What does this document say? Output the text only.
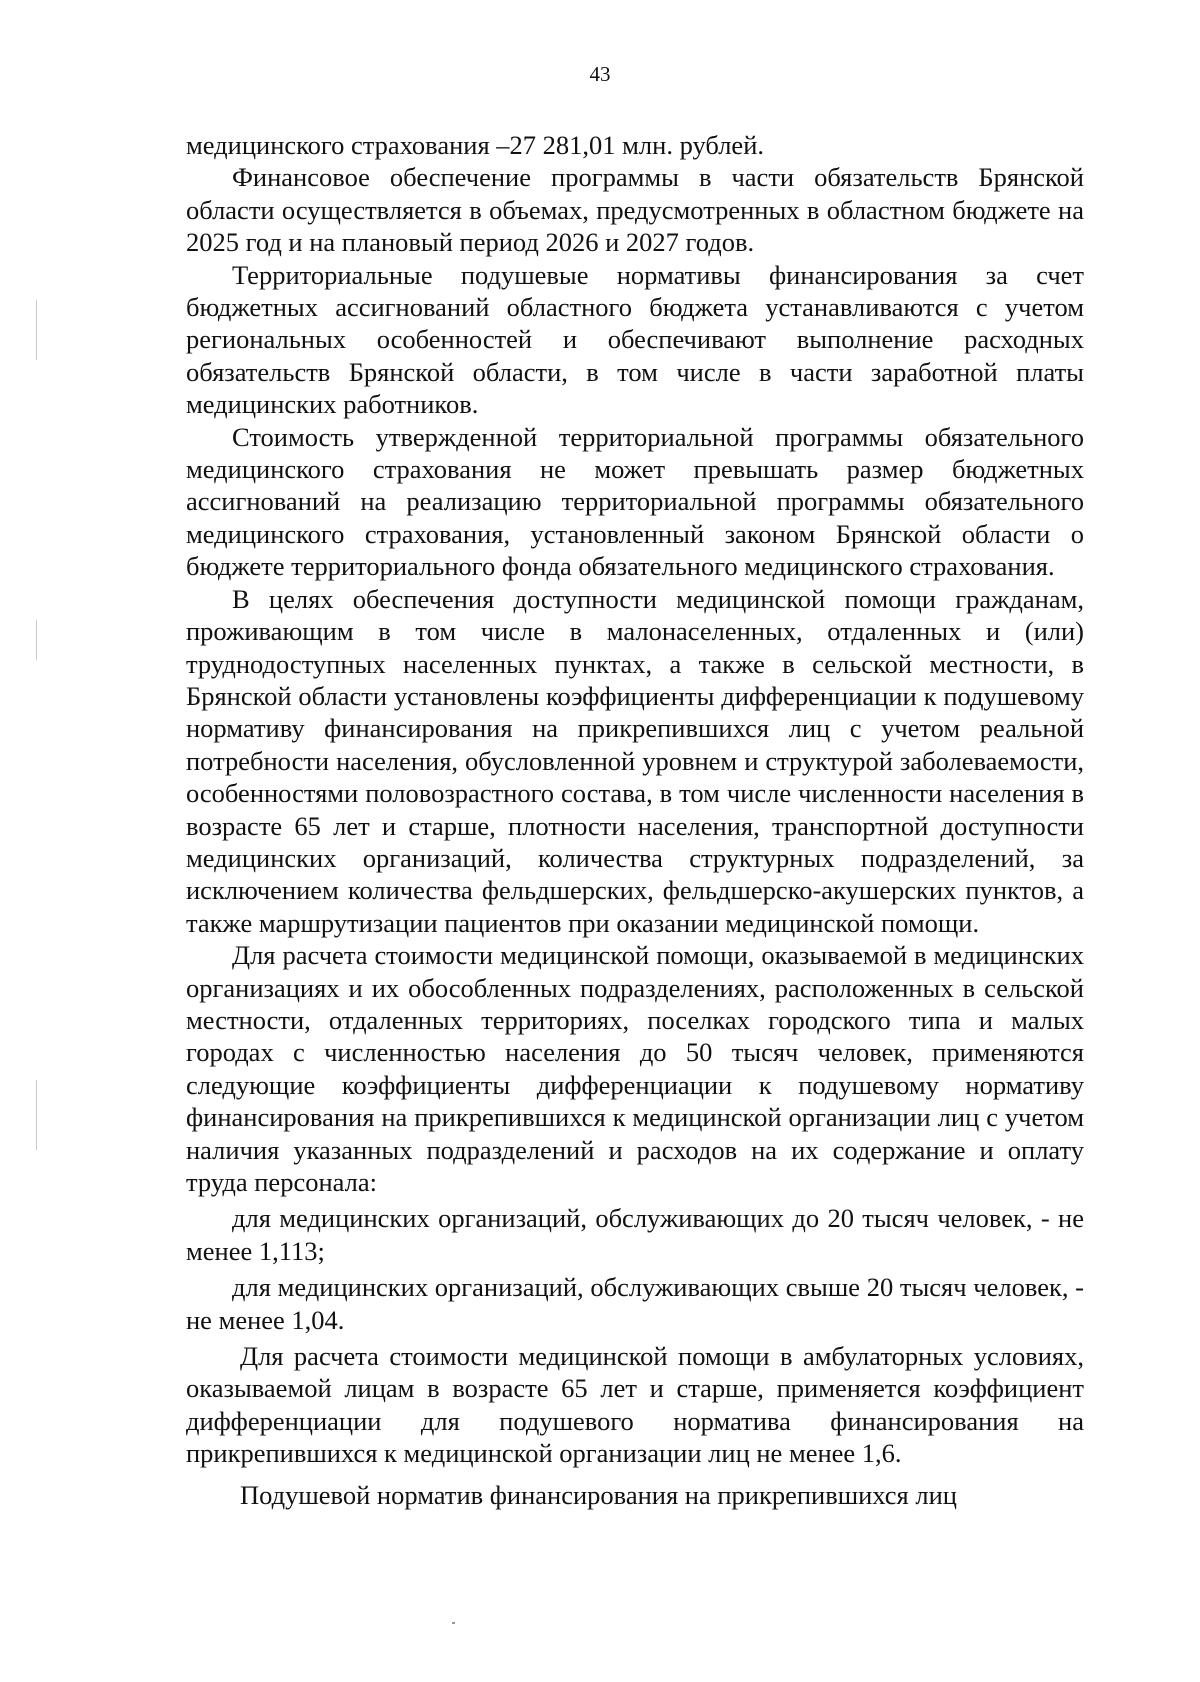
43

медицинского страхования –27 281,01 млн. рублей.

Финансовое обеспечение программы в части обязательств Брянской области осуществляется в объемах, предусмотренных в областном бюджете на 2025 год и на плановый период 2026 и 2027 годов.

Территориальные подушевые нормативы финансирования за счет бюджетных ассигнований областного бюджета устанавливаются с учетом региональных особенностей и обеспечивают выполнение расходных обязательств Брянской области, в том числе в части заработной платы медицинских работников.

Стоимость утвержденной территориальной программы обязательного медицинского страхования не может превышать размер бюджетных ассигнований на реализацию территориальной программы обязательного медицинского страхования, установленный законом Брянской области о бюджете территориального фонда обязательного медицинского страхования.

В целях обеспечения доступности медицинской помощи гражданам, проживающим в том числе в малонаселенных, отдаленных и (или) труднодоступных населенных пунктах, а также в сельской местности, в Брянской области установлены коэффициенты дифференциации к подушевому нормативу финансирования на прикрепившихся лиц с учетом реальной потребности населения, обусловленной уровнем и структурой заболеваемости, особенностями половозрастного состава, в том числе численности населения в возрасте 65 лет и старше, плотности населения, транспортной доступности медицинских организаций, количества структурных подразделений, за исключением количества фельдшерских, фельдшерско-акушерских пунктов, а также маршрутизации пациентов при оказании медицинской помощи.

Для расчета стоимости медицинской помощи, оказываемой в медицинских организациях и их обособленных подразделениях, расположенных в сельской местности, отдаленных территориях, поселках городского типа и малых городах с численностью населения до 50 тысяч человек, применяются следующие коэффициенты дифференциации к подушевому нормативу финансирования на прикрепившихся к медицинской организации лиц с учетом наличия указанных подразделений и расходов на их содержание и оплату труда персонала:

для медицинских организаций, обслуживающих до 20 тысяч человек, - не менее 1,113;

для медицинских организаций, обслуживающих свыше 20 тысяч человек, - не менее 1,04.

Для расчета стоимости медицинской помощи в амбулаторных условиях, оказываемой лицам в возрасте 65 лет и старше, применяется коэффициент дифференциации для подушевого норматива финансирования на прикрепившихся к медицинской организации лиц не менее 1,6.

Подушевой норматив финансирования на прикрепившихся лиц
